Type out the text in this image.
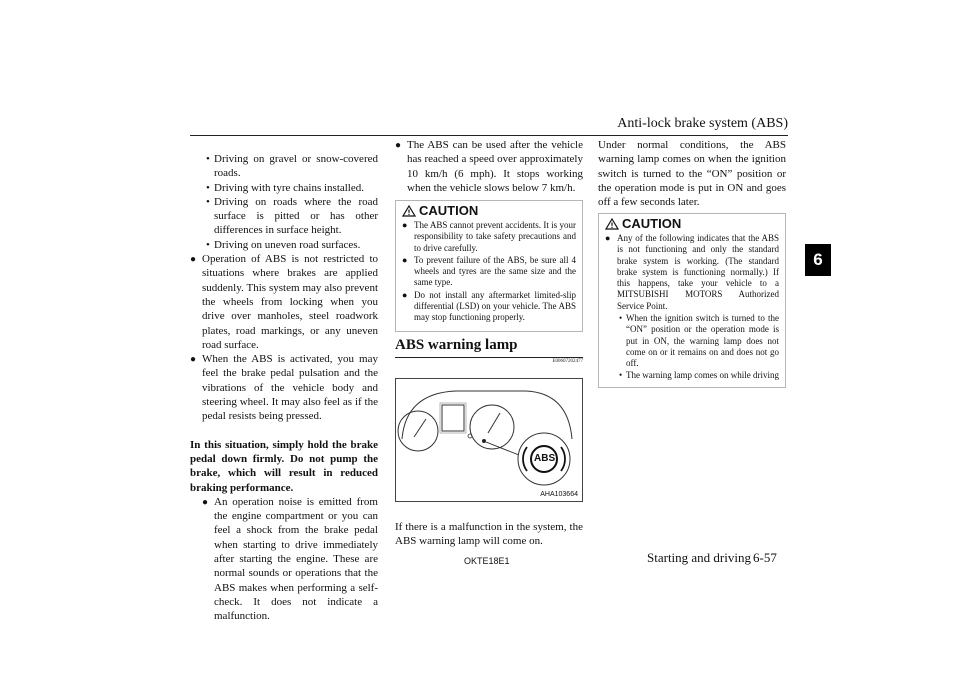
Anti-lock brake system (ABS)
6
• Driving on gravel or snow-covered roads.
• Driving with tyre chains installed.
• Driving on roads where the road surface is pitted or has other differences in surface height.
• Driving on uneven road surfaces.
● Operation of ABS is not restricted to situations where brakes are applied suddenly. This system may also prevent the wheels from locking when you drive over manholes, steel roadwork plates, road markings, or any uneven road surface.
● When the ABS is activated, you may feel the brake pedal pulsation and the vibrations of the vehicle body and steering wheel. It may also feel as if the pedal resists being pressed.

In this situation, simply hold the brake pedal down firmly. Do not pump the brake, which will result in reduced braking performance.

● An operation noise is emitted from the engine compartment or you can feel a shock from the brake pedal when starting to drive immediately after starting the engine. These are normal sounds or operations that the ABS makes when performing a self-check. It does not indicate a malfunction.
● The ABS can be used after the vehicle has reached a speed over approximately 10 km/h (6 mph). It stops working when the vehicle slows below 7 km/h.
CAUTION
● The ABS cannot prevent accidents. It is your responsibility to take safety precautions and to drive carefully.
● To prevent failure of the ABS, be sure all 4 wheels and tyres are the same size and the same type.
● Do not install any aftermarket limited-slip differential (LSD) on your vehicle. The ABS may stop functioning properly.
ABS warning lamp
E00607202477
ABS
AHA103664

If there is a malfunction in the system, the ABS warning lamp will come on.

Under normal conditions, the ABS warning lamp comes on when the ignition switch is turned to the “ON” position or the operation mode is put in ON and goes off a few seconds later.

CAUTION
● Any of the following indicates that the ABS is not functioning and only the standard brake system is working. (The standard brake system is functioning normally.) If this happens, take your vehicle to a MITSUBISHI MOTORS Authorized Service Point.
• When the ignition switch is turned to the “ON” position or the operation mode is put in ON, the warning lamp does not come on or it remains on and does not go off.
• The warning lamp comes on while driving
OKTE18E1	Starting and driving 6-57
